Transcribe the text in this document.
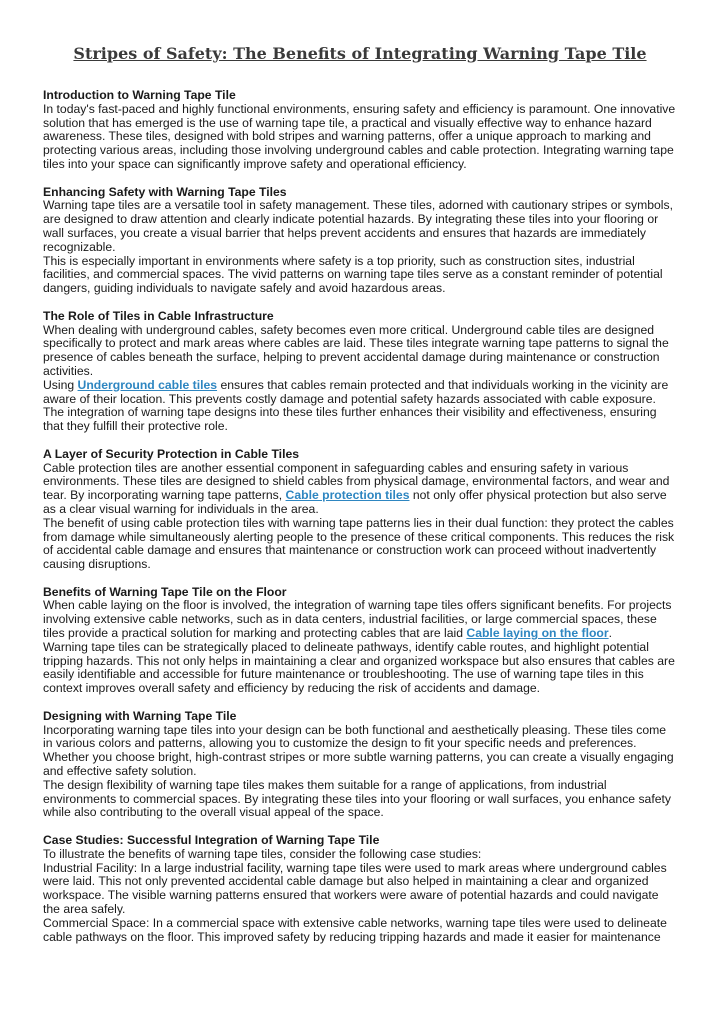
Stripes of Safety: The Benefits of Integrating Warning Tape Tile

Introduction to Warning Tape Tile

In today's fast-paced and highly functional environments, ensuring safety and efficiency is paramount. One innovative solution that has emerged is the use of warning tape tile, a practical and visually effective way to enhance hazard awareness. These tiles, designed with bold stripes and warning patterns, offer a unique approach to marking and protecting various areas, including those involving underground cables and cable protection. Integrating warning tape tiles into your space can significantly improve safety and operational efficiency.

Enhancing Safety with Warning Tape Tiles

Warning tape tiles are a versatile tool in safety management. These tiles, adorned with cautionary stripes or symbols, are designed to draw attention and clearly indicate potential hazards. By integrating these tiles into your flooring or wall surfaces, you create a visual barrier that helps prevent accidents and ensures that hazards are immediately recognizable.

This is especially important in environments where safety is a top priority, such as construction sites, industrial facilities, and commercial spaces. The vivid patterns on warning tape tiles serve as a constant reminder of potential dangers, guiding individuals to navigate safely and avoid hazardous areas.

The Role of Tiles in Cable Infrastructure

When dealing with underground cables, safety becomes even more critical. Underground cable tiles are designed specifically to protect and mark areas where cables are laid. These tiles integrate warning tape patterns to signal the presence of cables beneath the surface, helping to prevent accidental damage during maintenance or construction activities.

Using Underground cable tiles ensures that cables remain protected and that individuals working in the vicinity are aware of their location. This prevents costly damage and potential safety hazards associated with cable exposure. The integration of warning tape designs into these tiles further enhances their visibility and effectiveness, ensuring that they fulfill their protective role.

A Layer of Security Protection in Cable Tiles

Cable protection tiles are another essential component in safeguarding cables and ensuring safety in various environments. These tiles are designed to shield cables from physical damage, environmental factors, and wear and tear. By incorporating warning tape patterns, Cable protection tiles not only offer physical protection but also serve as a clear visual warning for individuals in the area.

The benefit of using cable protection tiles with warning tape patterns lies in their dual function: they protect the cables from damage while simultaneously alerting people to the presence of these critical components. This reduces the risk of accidental cable damage and ensures that maintenance or construction work can proceed without inadvertently causing disruptions.

Benefits of Warning Tape Tile on the Floor

When cable laying on the floor is involved, the integration of warning tape tiles offers significant benefits. For projects involving extensive cable networks, such as in data centers, industrial facilities, or large commercial spaces, these tiles provide a practical solution for marking and protecting cables that are laid Cable laying on the floor.

Warning tape tiles can be strategically placed to delineate pathways, identify cable routes, and highlight potential tripping hazards. This not only helps in maintaining a clear and organized workspace but also ensures that cables are easily identifiable and accessible for future maintenance or troubleshooting. The use of warning tape tiles in this context improves overall safety and efficiency by reducing the risk of accidents and damage.

Designing with Warning Tape Tile

Incorporating warning tape tiles into your design can be both functional and aesthetically pleasing. These tiles come in various colors and patterns, allowing you to customize the design to fit your specific needs and preferences. Whether you choose bright, high-contrast stripes or more subtle warning patterns, you can create a visually engaging and effective safety solution.

The design flexibility of warning tape tiles makes them suitable for a range of applications, from industrial environments to commercial spaces. By integrating these tiles into your flooring or wall surfaces, you enhance safety while also contributing to the overall visual appeal of the space.

Case Studies: Successful Integration of Warning Tape Tile

To illustrate the benefits of warning tape tiles, consider the following case studies:

Industrial Facility: In a large industrial facility, warning tape tiles were used to mark areas where underground cables were laid. This not only prevented accidental cable damage but also helped in maintaining a clear and organized workspace. The visible warning patterns ensured that workers were aware of potential hazards and could navigate the area safely.

Commercial Space: In a commercial space with extensive cable networks, warning tape tiles were used to delineate cable pathways on the floor. This improved safety by reducing tripping hazards and made it easier for maintenance
